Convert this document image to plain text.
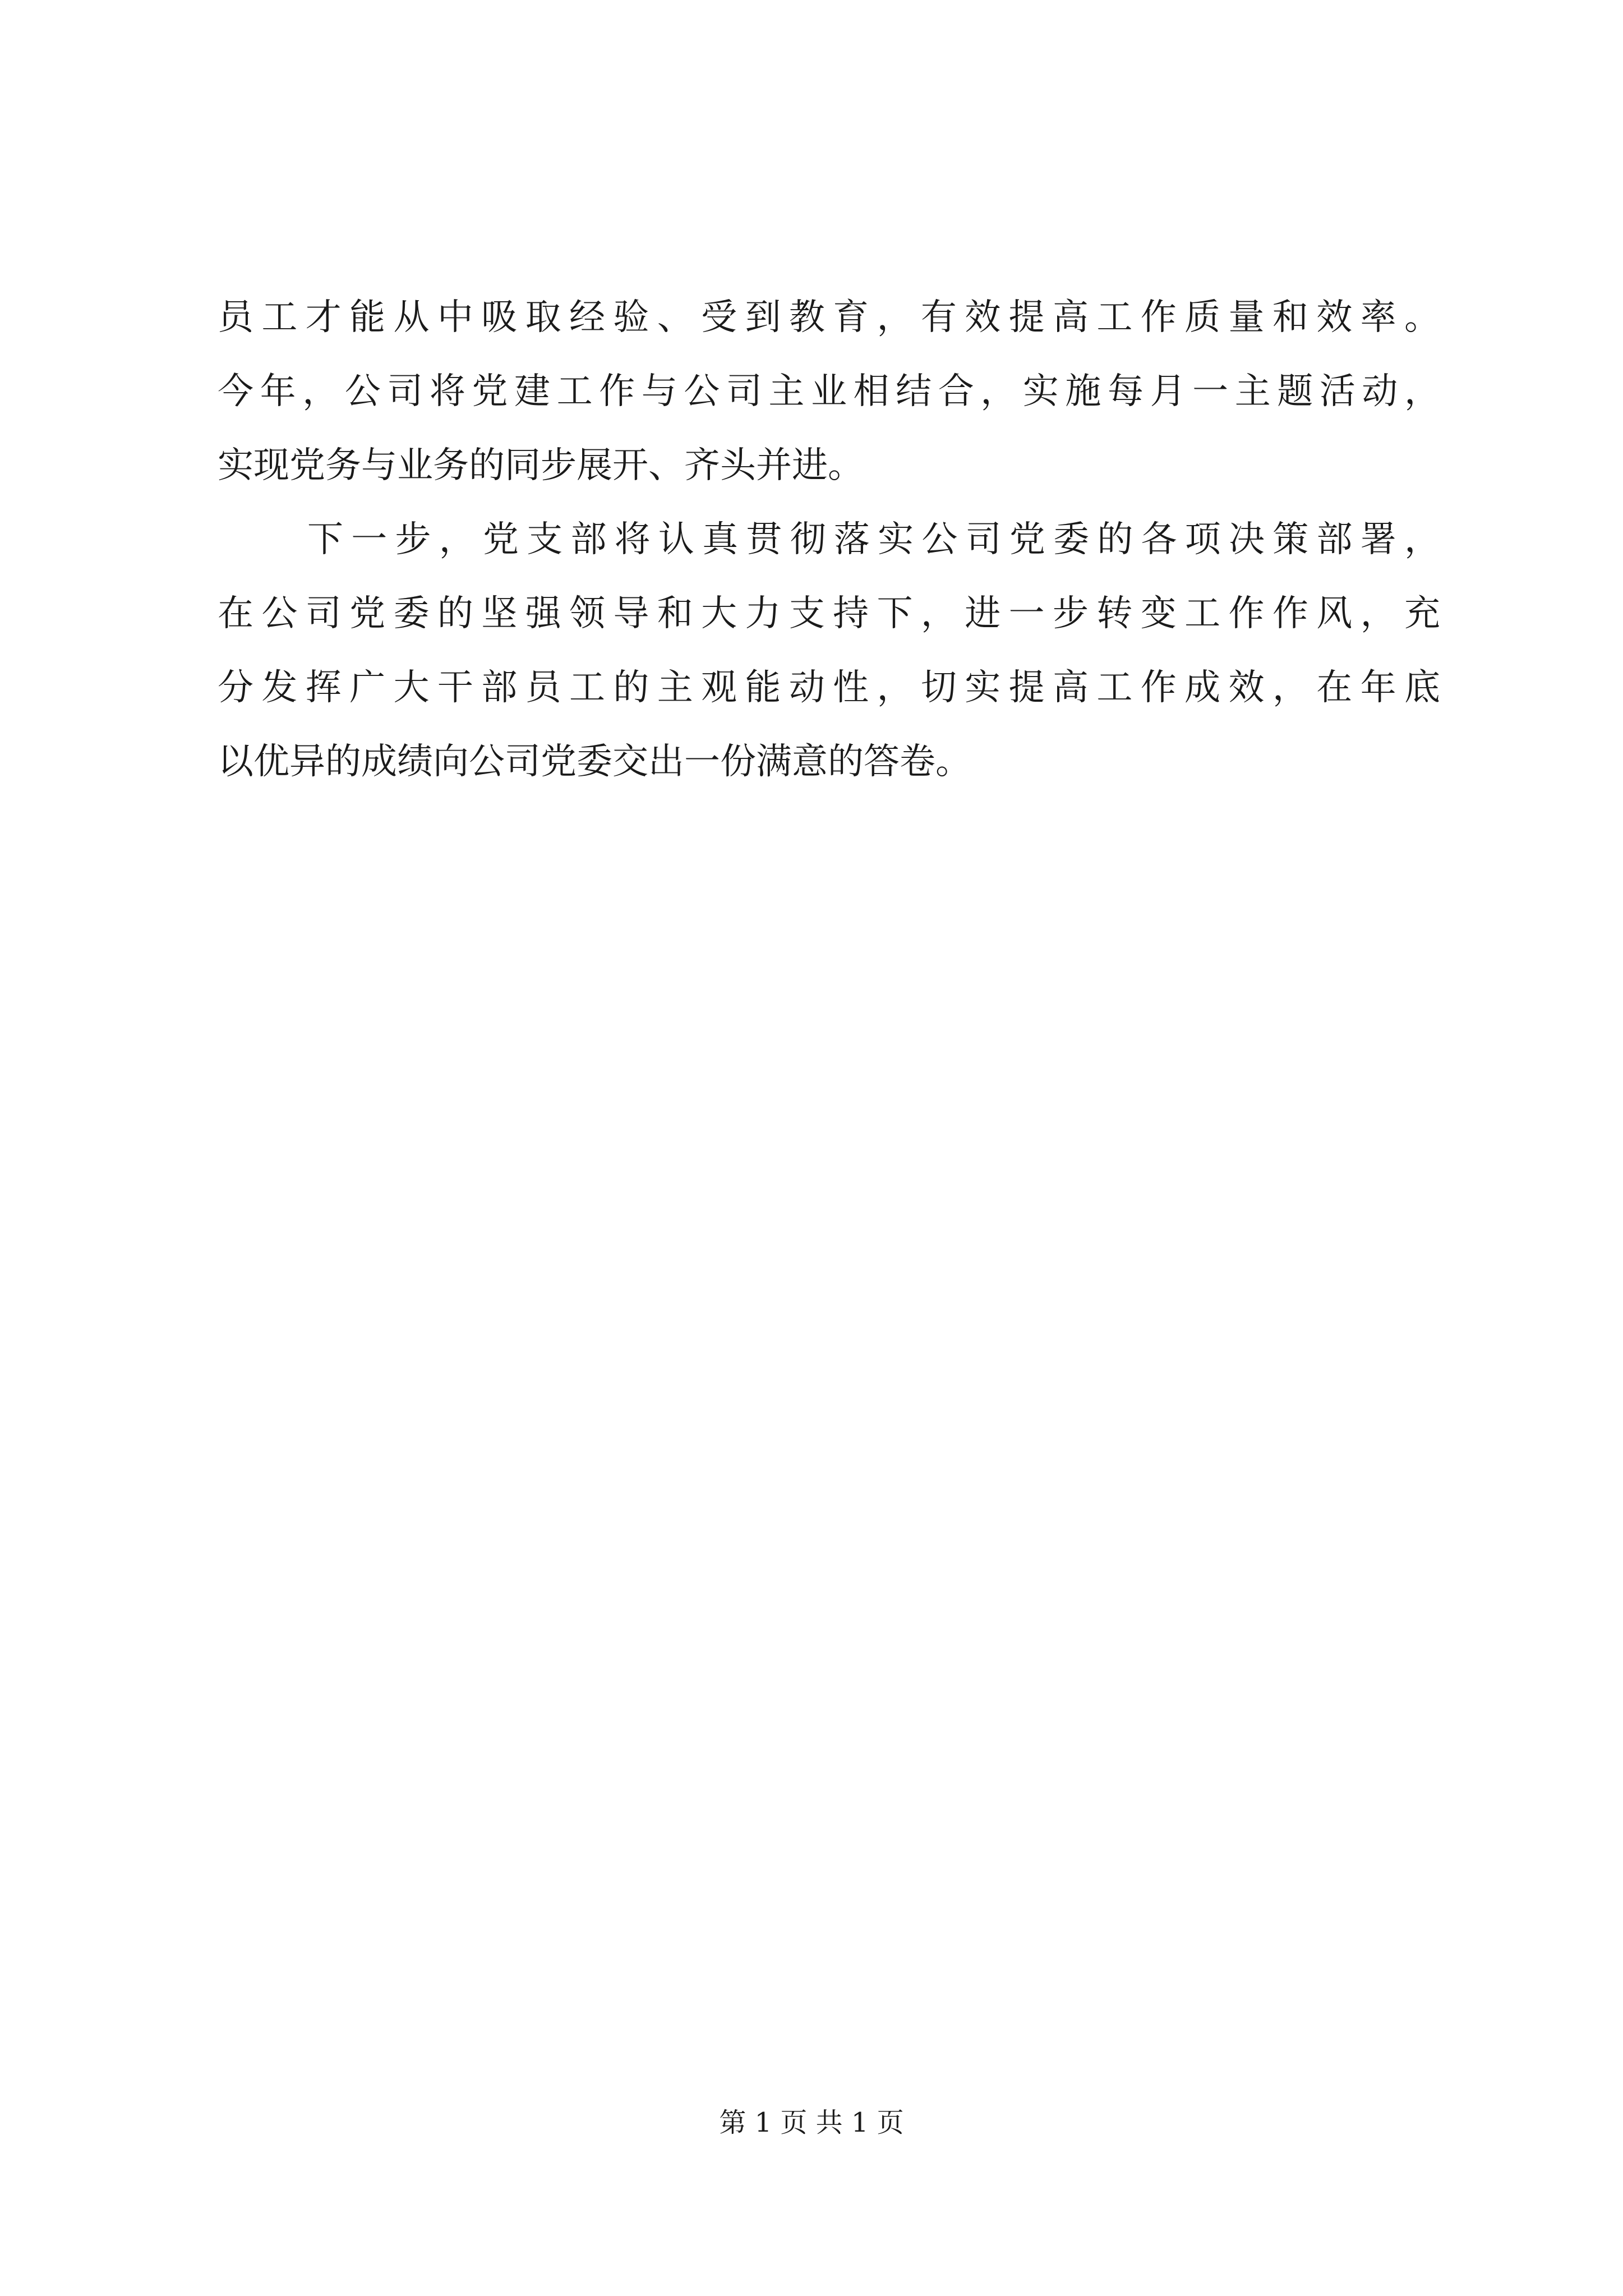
员工才能从中吸取经验、受到教育，有效提高工作质量和效率。
今年，公司将党建工作与公司主业相结合，实施每月一主题活动，
实现党务与业务的同步展开、齐头并进。
下一步，党支部将认真贯彻落实公司党委的各项决策部署，
在公司党委的坚强领导和大力支持下，进一步转变工作作风，充
分发挥广大干部员工的主观能动性，切实提高工作成效，在年底
以优异的成绩向公司党委交出一份满意的答卷。
第 1 页 共 1 页
